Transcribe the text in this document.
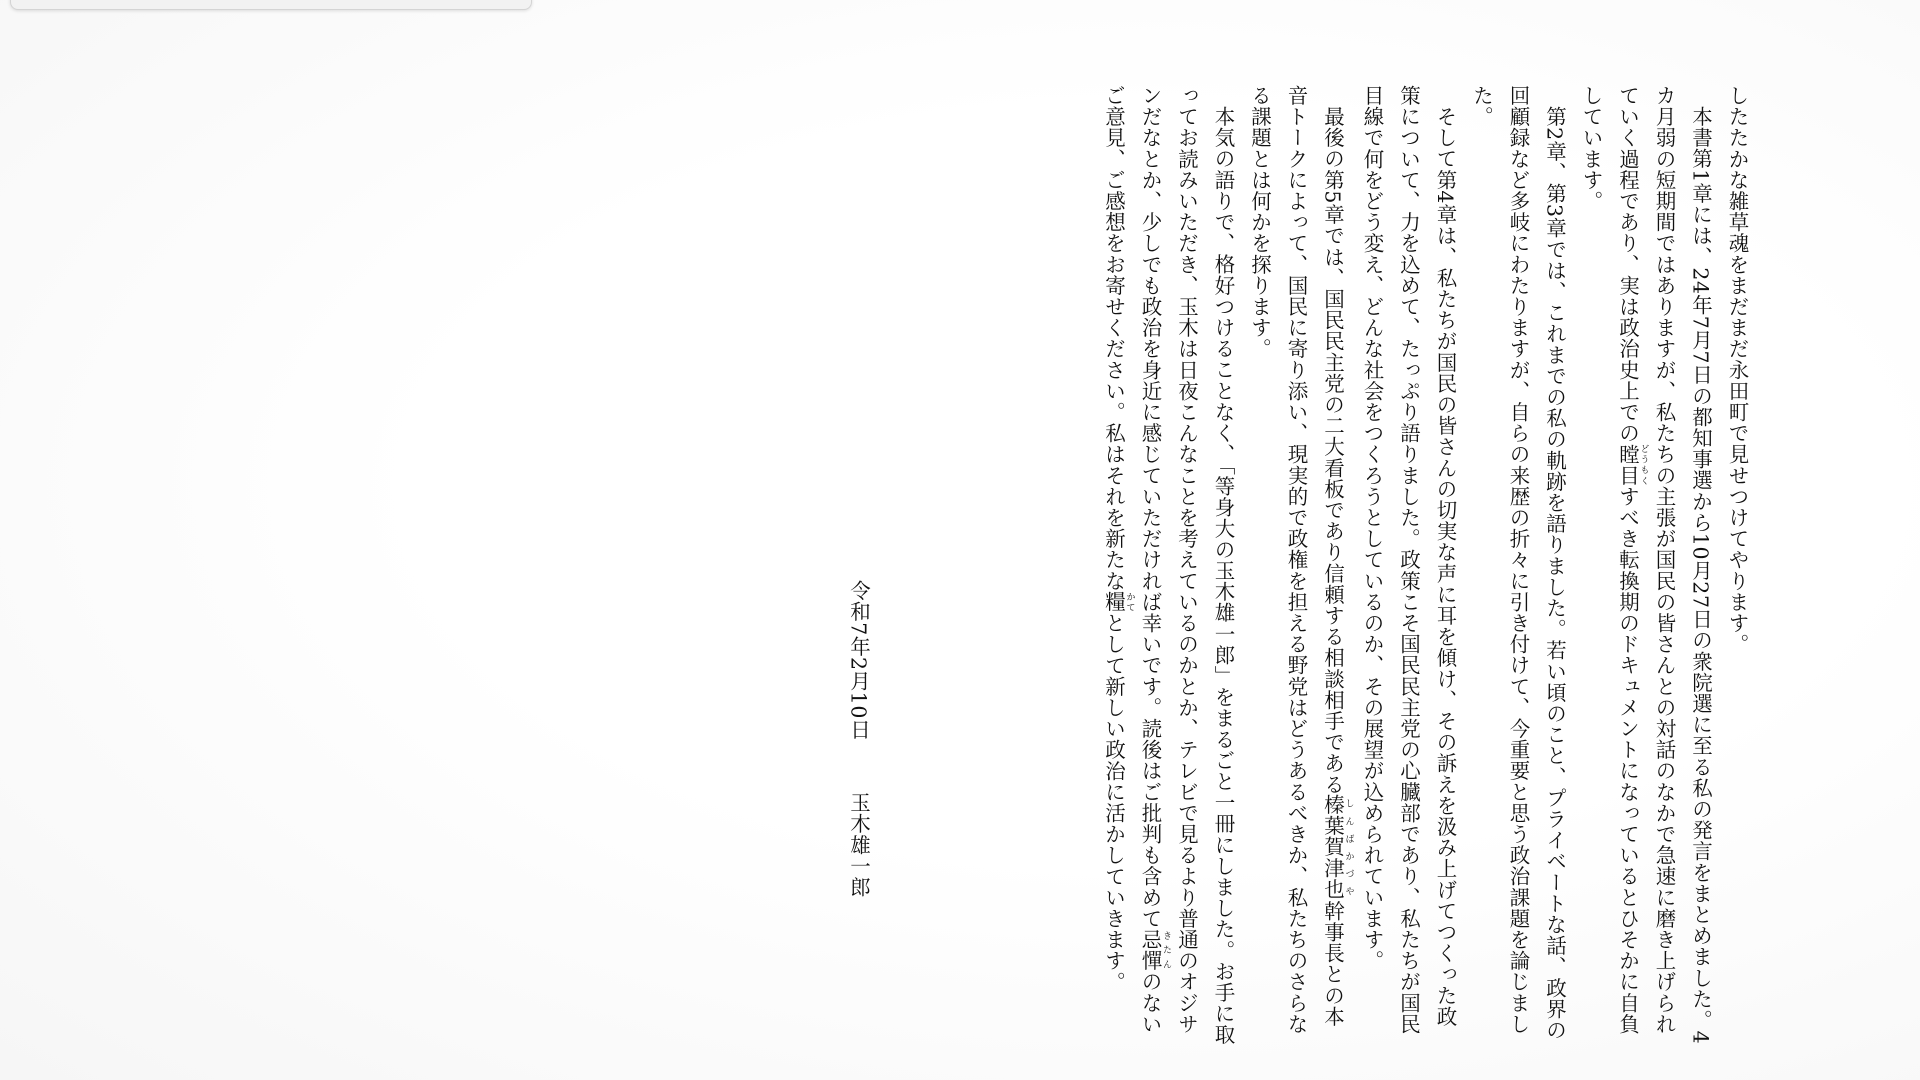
したたかな雑草魂をまだまだ永田町で見せつけてやります。

本書第1章には、24年7月7日の都知事選から10月27日の衆院選に至る私の発言をまとめました。4カ月弱の短期間ではありますが、私たちの主張が国民の皆さんとの対話のなかで急速に磨き上げられていく過程であり、実は政治史上での瞠目 どうもくすべき転換期のドキュメントになっているとひそかに自負しています。

第2章、第3章では、これまでの私の軌跡を語りました。若い頃のこと、プライベートな話、政界の回顧録など多岐にわたりますが、自らの来歴の折々に引き付けて、今重要と思う政治課題を論じました。

そして第4章は、私たちが国民の皆さんの切実な声に耳を傾け、その訴えを汲み上げてつくった政策について、力を込めて、たっぷり語りました。政策こそ国民民主党の心臓部であり、私たちが国民目線で何をどう変え、どんな社会をつくろうとしているのか、その展望が込められています。

最後の第5章では、国民民主党の二大看板であり信頼する相談相手である榛葉賀津也 しんばかづや幹事長との本音トークによって、国民に寄り添い、現実的で政権を担える野党はどうあるべきか、私たちのさらなる課題とは何かを探ります。

本気の語りで、格好つけることなく、「等身大の玉木雄一郎」をまるごと一冊にしました。お手に取ってお読みいただき、玉木は日夜こんなことを考えているのかとか、テレビで見るより普通のオジサンだなとか、少しでも政治を身近に感じていただければ幸いです。読後はご批判も含めて忌憚 きたんのないご意見、ご感想をお寄せください。私はそれを新たな糧 かてとして新しい政治に活かしていきます。

令和7年2月10日玉木雄一郎
